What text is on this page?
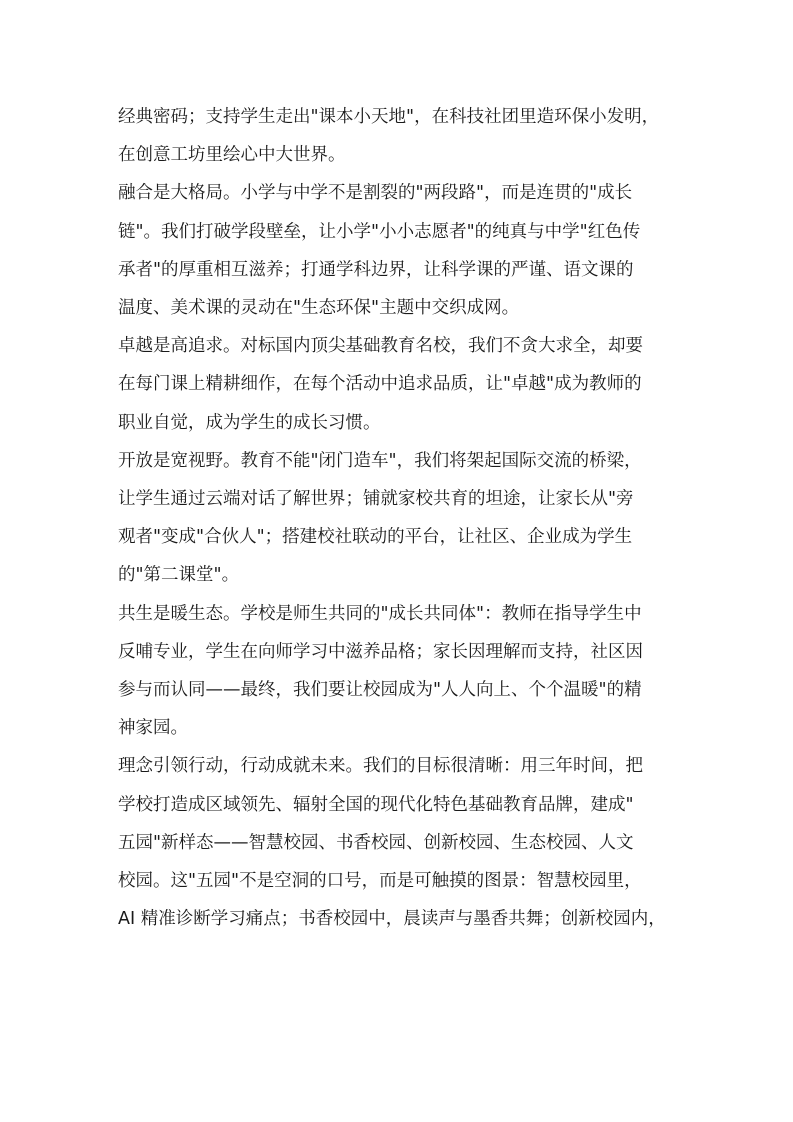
经典密码；支持学生走出"课本小天地"，在科技社团里造环保小发明，

在创意工坊里绘心中大世界。

融合是大格局。小学与中学不是割裂的"两段路"，而是连贯的"成长

链"。我们打破学段壁垒，让小学"小小志愿者"的纯真与中学"红色传

承者"的厚重相互滋养；打通学科边界，让科学课的严谨、语文课的

温度、美术课的灵动在"生态环保"主题中交织成网。

卓越是高追求。对标国内顶尖基础教育名校，我们不贪大求全，却要

在每门课上精耕细作，在每个活动中追求品质，让"卓越"成为教师的

职业自觉，成为学生的成长习惯。

开放是宽视野。教育不能"闭门造车"，我们将架起国际交流的桥梁，

让学生通过云端对话了解世界；铺就家校共育的坦途，让家长从"旁

观者"变成"合伙人"；搭建校社联动的平台，让社区、企业成为学生

的"第二课堂"。

共生是暖生态。学校是师生共同的"成长共同体"：教师在指导学生中

反哺专业，学生在向师学习中滋养品格；家长因理解而支持，社区因

参与而认同——最终，我们要让校园成为"人人向上、个个温暖"的精

神家园。

理念引领行动，行动成就未来。我们的目标很清晰：用三年时间，把

学校打造成区域领先、辐射全国的现代化特色基础教育品牌，建成"

五园"新样态——智慧校园、书香校园、创新校园、生态校园、人文

校园。这"五园"不是空洞的口号，而是可触摸的图景：智慧校园里，

AI 精准诊断学习痛点；书香校园中，晨读声与墨香共舞；创新校园内，
